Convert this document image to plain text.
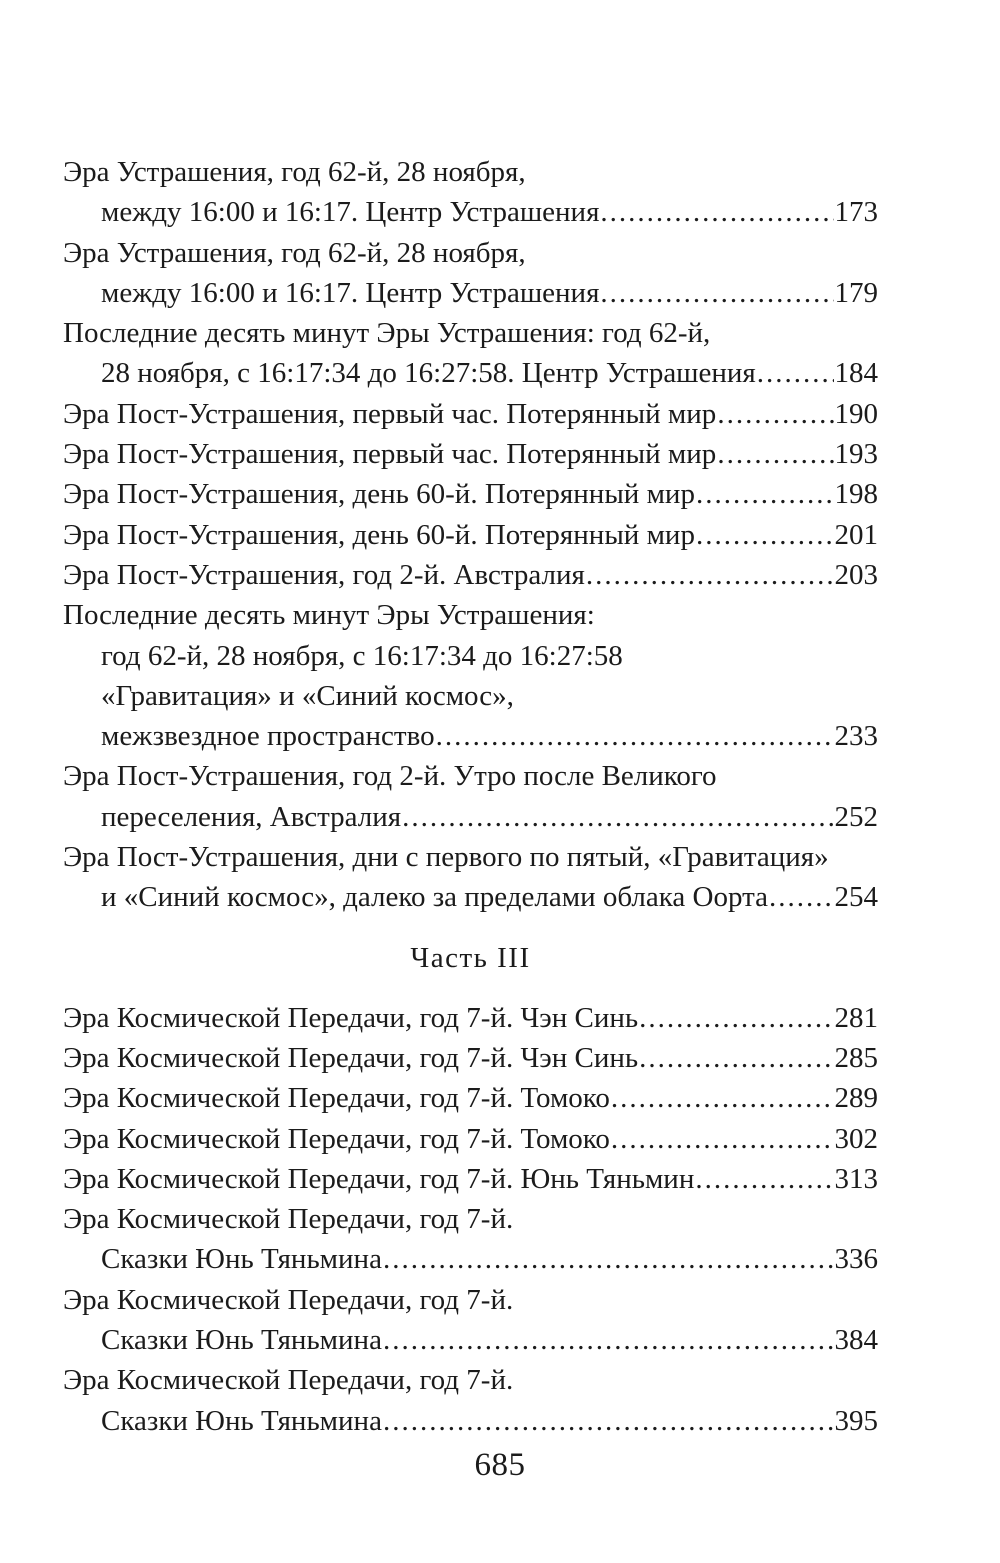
Эра Устрашения, год 62-й, 28 ноября,
между 16:00 и 16:17. Центр Устрашения .....	173
Эра Устрашения, год 62-й, 28 ноября,
между 16:00 и 16:17. Центр Устрашения .....	179
Последние десять минут Эры Устрашения: год 62-й,
28 ноября, с 16:17:34 до 16:27:58. Центр Устрашения .....	184
Эра Пост-Устрашения, первый час. Потерянный мир .....	190
Эра Пост-Устрашения, первый час. Потерянный мир .....	193
Эра Пост-Устрашения, день 60-й. Потерянный мир .....	198
Эра Пост-Устрашения, день 60-й. Потерянный мир .....	201
Эра Пост-Устрашения, год 2-й. Австралия .....	203
Последние десять минут Эры Устрашения:
год 62-й, 28 ноября, с 16:17:34 до 16:27:58
«Гравитация» и «Синий космос»,
межзвездное пространство .....	233
Эра Пост-Устрашения, год 2-й. Утро после Великого
переселения, Австралия .....	252
Эра Пост-Устрашения, дни с первого по пятый, «Гравитация»
и «Синий космос», далеко за пределами облака Оорта ..... 254
Часть III
Эра Космической Передачи, год 7-й. Чэн Синь .....	281
Эра Космической Передачи, год 7-й. Чэн Синь .....	285
Эра Космической Передачи, год 7-й. Томоко .....	289
Эра Космической Передачи, год 7-й. Томоко .....	302
Эра Космической Передачи, год 7-й. Юнь Тяньмин .....	313
Эра Космической Передачи, год 7-й.
Сказки Юнь Тяньмина .....	336
Эра Космической Передачи, год 7-й.
Сказки Юнь Тяньмина .....	384
Эра Космической Передачи, год 7-й.
Сказки Юнь Тяньмина .....	395
685
